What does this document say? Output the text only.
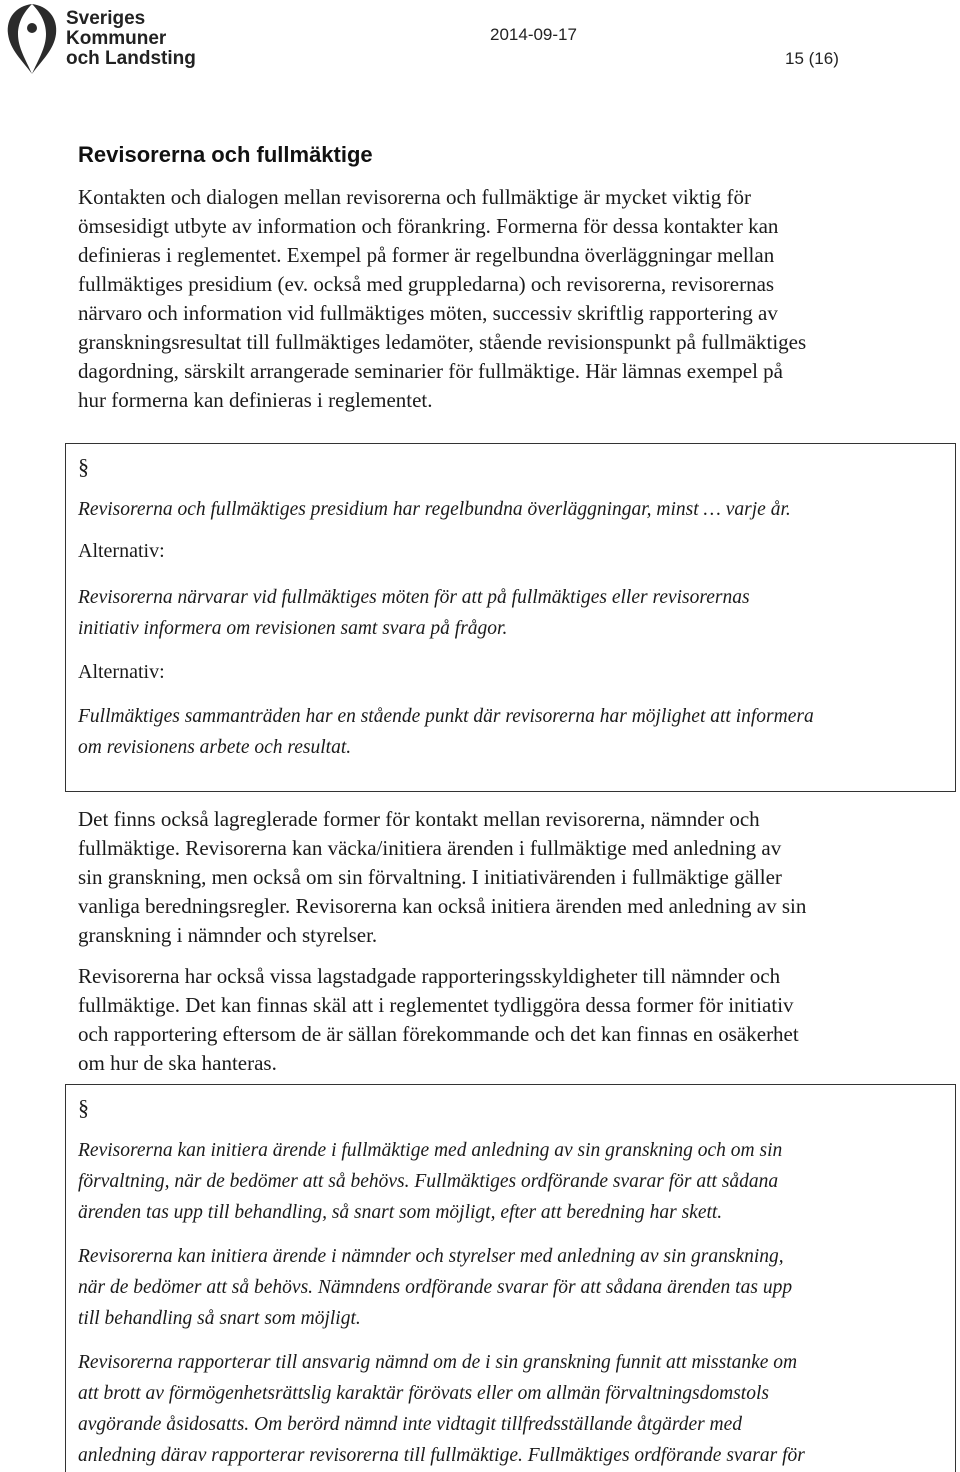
Sveriges
Kommuner
och Landsting
2014-09-17
15 (16)
Revisorerna och fullmäktige

Kontakten och dialogen mellan revisorerna och fullmäktige är mycket viktig för
ömsesidigt utbyte av information och förankring. Formerna för dessa kontakter kan
definieras i reglementet. Exempel på former är regelbundna överläggningar mellan
fullmäktiges presidium (ev. också med gruppledarna) och revisorerna, revisorernas
närvaro och information vid fullmäktiges möten, successiv skriftlig rapportering av
granskningsresultat till fullmäktiges ledamöter, stående revisionspunkt på fullmäktiges
dagordning, särskilt arrangerade seminarier för fullmäktige. Här lämnas exempel på
hur formerna kan definieras i reglementet.

Det finns också lagreglerade former för kontakt mellan revisorerna, nämnder och
fullmäktige. Revisorerna kan väcka/initiera ärenden i fullmäktige med anledning av
sin granskning, men också om sin förvaltning. I initiativärenden i fullmäktige gäller
vanliga beredningsregler. Revisorerna kan också initiera ärenden med anledning av sin
granskning i nämnder och styrelser.

Revisorerna har också vissa lagstadgade rapporteringsskyldigheter till nämnder och
fullmäktige. Det kan finnas skäl att i reglementet tydliggöra dessa former för initiativ
och rapportering eftersom de är sällan förekommande och det kan finnas en osäkerhet
om hur de ska hanteras.

§

Revisorerna och fullmäktiges presidium har regelbundna överläggningar, minst … varje år.

Alternativ:

Revisorerna närvarar vid fullmäktiges möten för att på fullmäktiges eller revisorernas
initiativ informera om revisionen samt svara på frågor.

Alternativ:

Fullmäktiges sammanträden har en stående punkt där revisorerna har möjlighet att informera
om revisionens arbete och resultat.

§

Revisorerna kan initiera ärende i fullmäktige med anledning av sin granskning och om sin
förvaltning, när de bedömer att så behövs. Fullmäktiges ordförande svarar för att sådana
ärenden tas upp till behandling, så snart som möjligt, efter att beredning har skett.

Revisorerna kan initiera ärende i nämnder och styrelser med anledning av sin granskning,
när de bedömer att så behövs. Nämndens ordförande svarar för att sådana ärenden tas upp
till behandling så snart som möjligt.

Revisorerna rapporterar till ansvarig nämnd om de i sin granskning funnit att misstanke om
att brott av förmögenhetsrättslig karaktär förövats eller om allmän förvaltningsdomstols
avgörande åsidosatts. Om berörd nämnd inte vidtagit tillfredsställande åtgärder med
anledning därav rapporterar revisorerna till fullmäktige. Fullmäktiges ordförande svarar för
